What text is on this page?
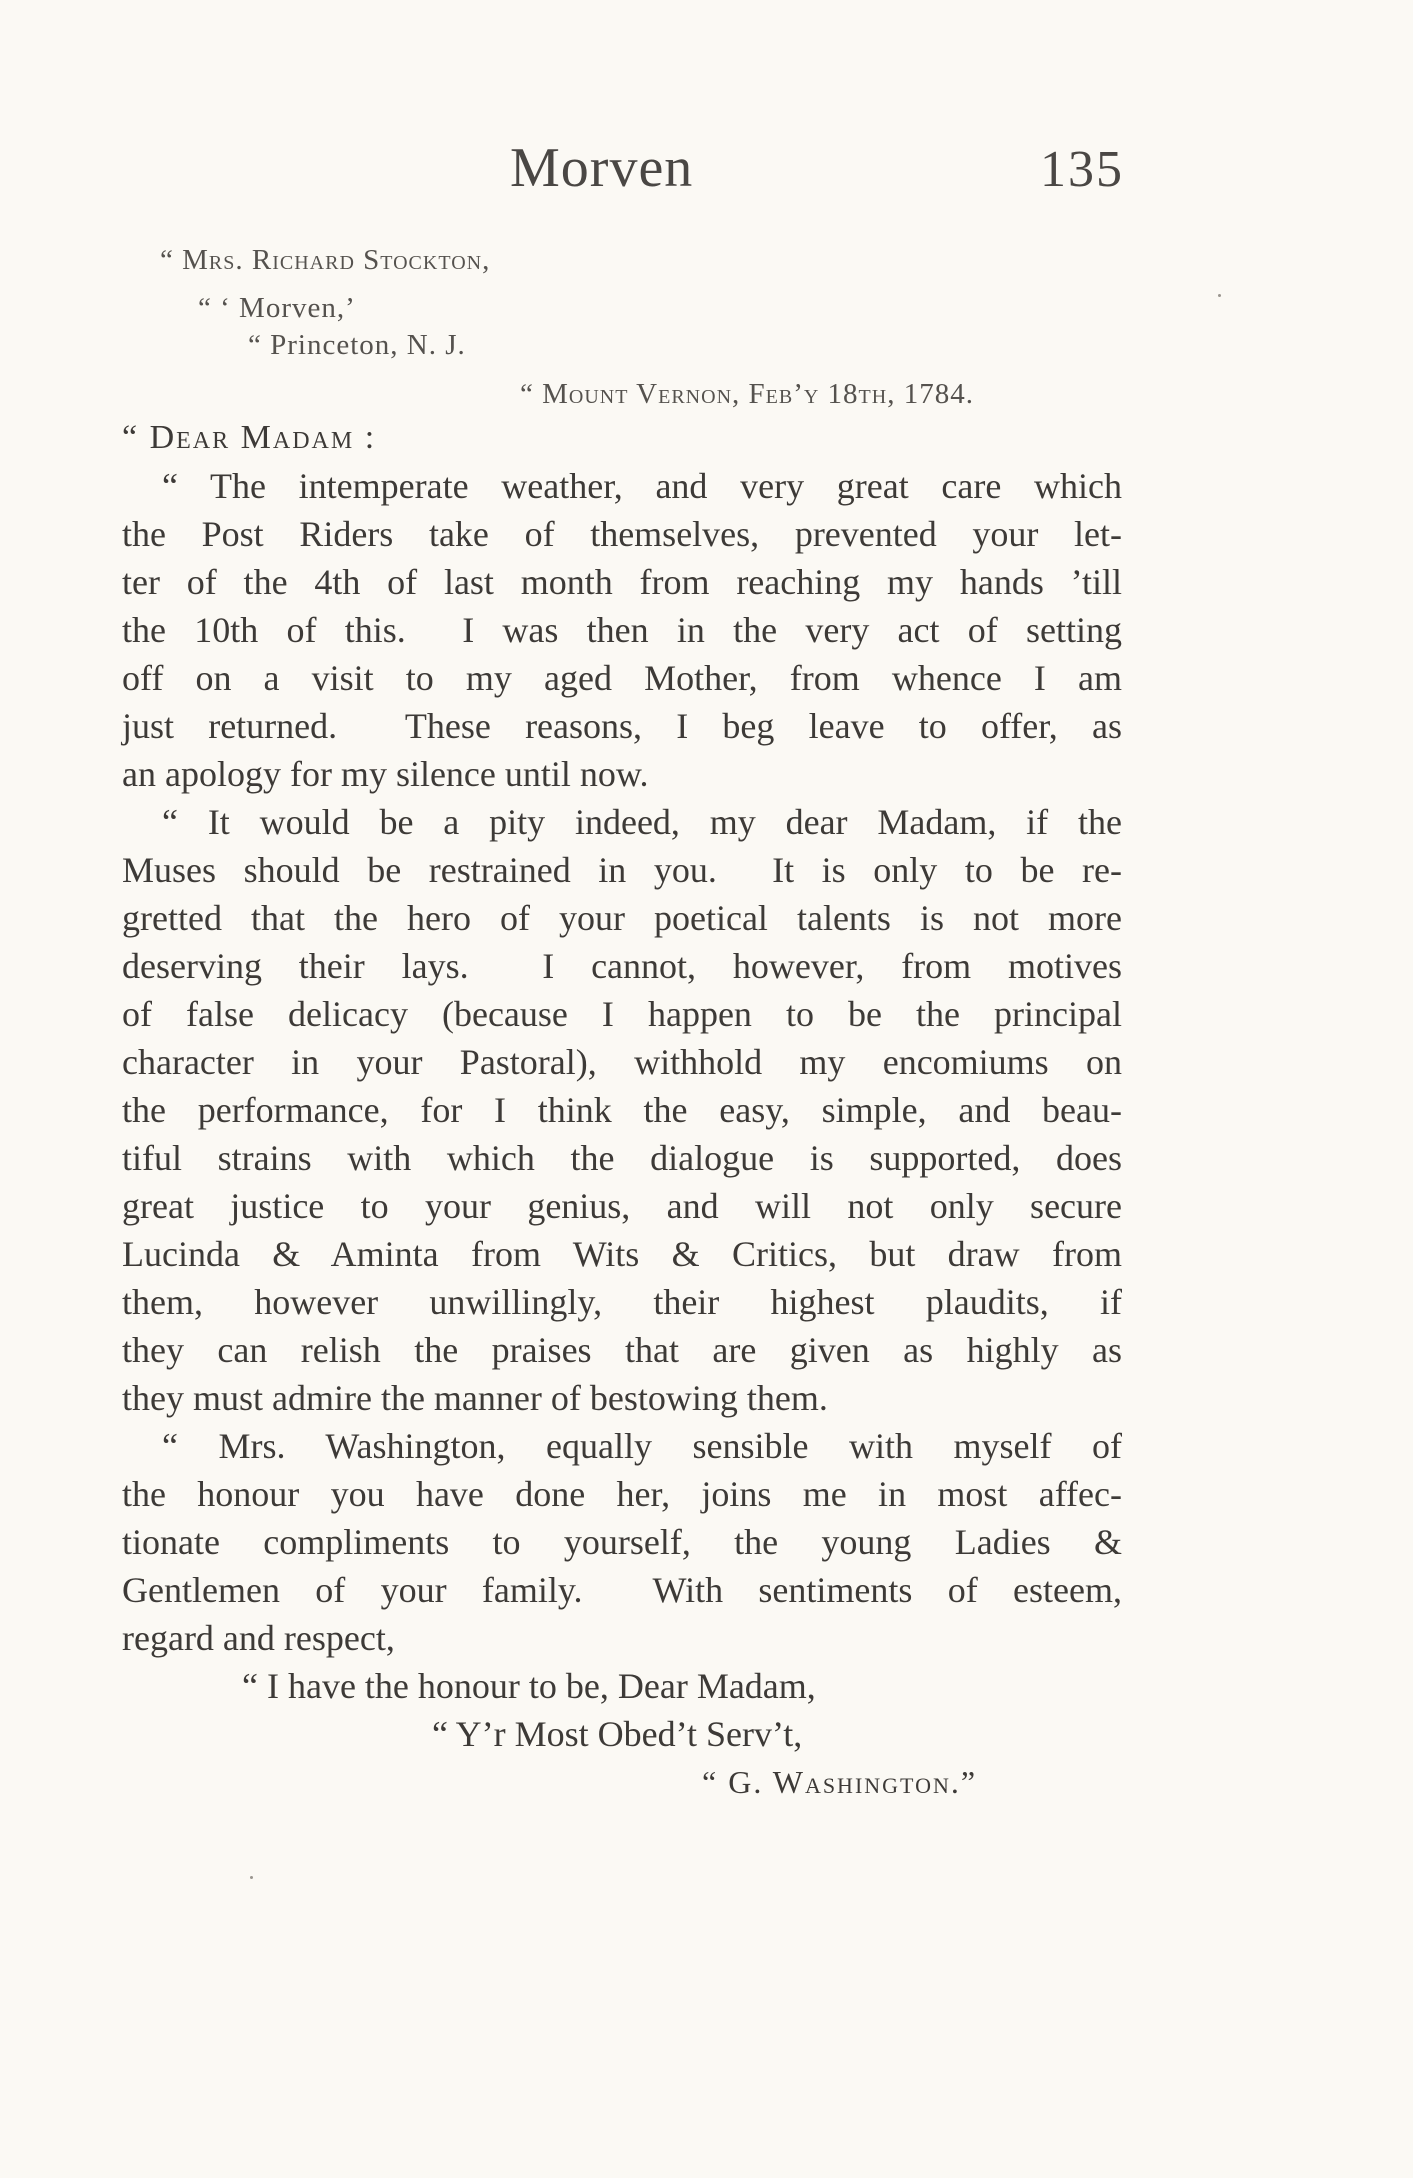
Morven	135
“ Mrs. Richard Stockton,
“ ‘ Morven,’
“ Princeton, N. J.
“ Mount Vernon, Feb’y 18th, 1784.
“ Dear Madam :
“ The intemperate weather, and very great care which
the Post Riders take of themselves, prevented your let-
ter of the 4th of last month from reaching my hands ’till
the 10th of this.  I was then in the very act of setting
off on a visit to my aged Mother, from whence I am
just returned.  These reasons, I beg leave to offer, as
an apology for my silence until now.
“ It would be a pity indeed, my dear Madam, if the
Muses should be restrained in you.  It is only to be re-
gretted that the hero of your poetical talents is not more
deserving their lays.  I cannot, however, from motives
of false delicacy (because I happen to be the principal
character in your Pastoral), withhold my encomiums on
the performance, for I think the easy, simple, and beau-
tiful strains with which the dialogue is supported, does
great justice to your genius, and will not only secure
Lucinda & Aminta from Wits & Critics, but draw from
them, however unwillingly, their highest plaudits, if
they can relish the praises that are given as highly as
they must admire the manner of bestowing them.
“ Mrs. Washington, equally sensible with myself of
the honour you have done her, joins me in most affec-
tionate compliments to yourself, the young Ladies &
Gentlemen of your family.  With sentiments of esteem,
regard and respect,
“ I have the honour to be, Dear Madam,
“ Y’r Most Obed’t Serv’t,
“ G. Washington.”
